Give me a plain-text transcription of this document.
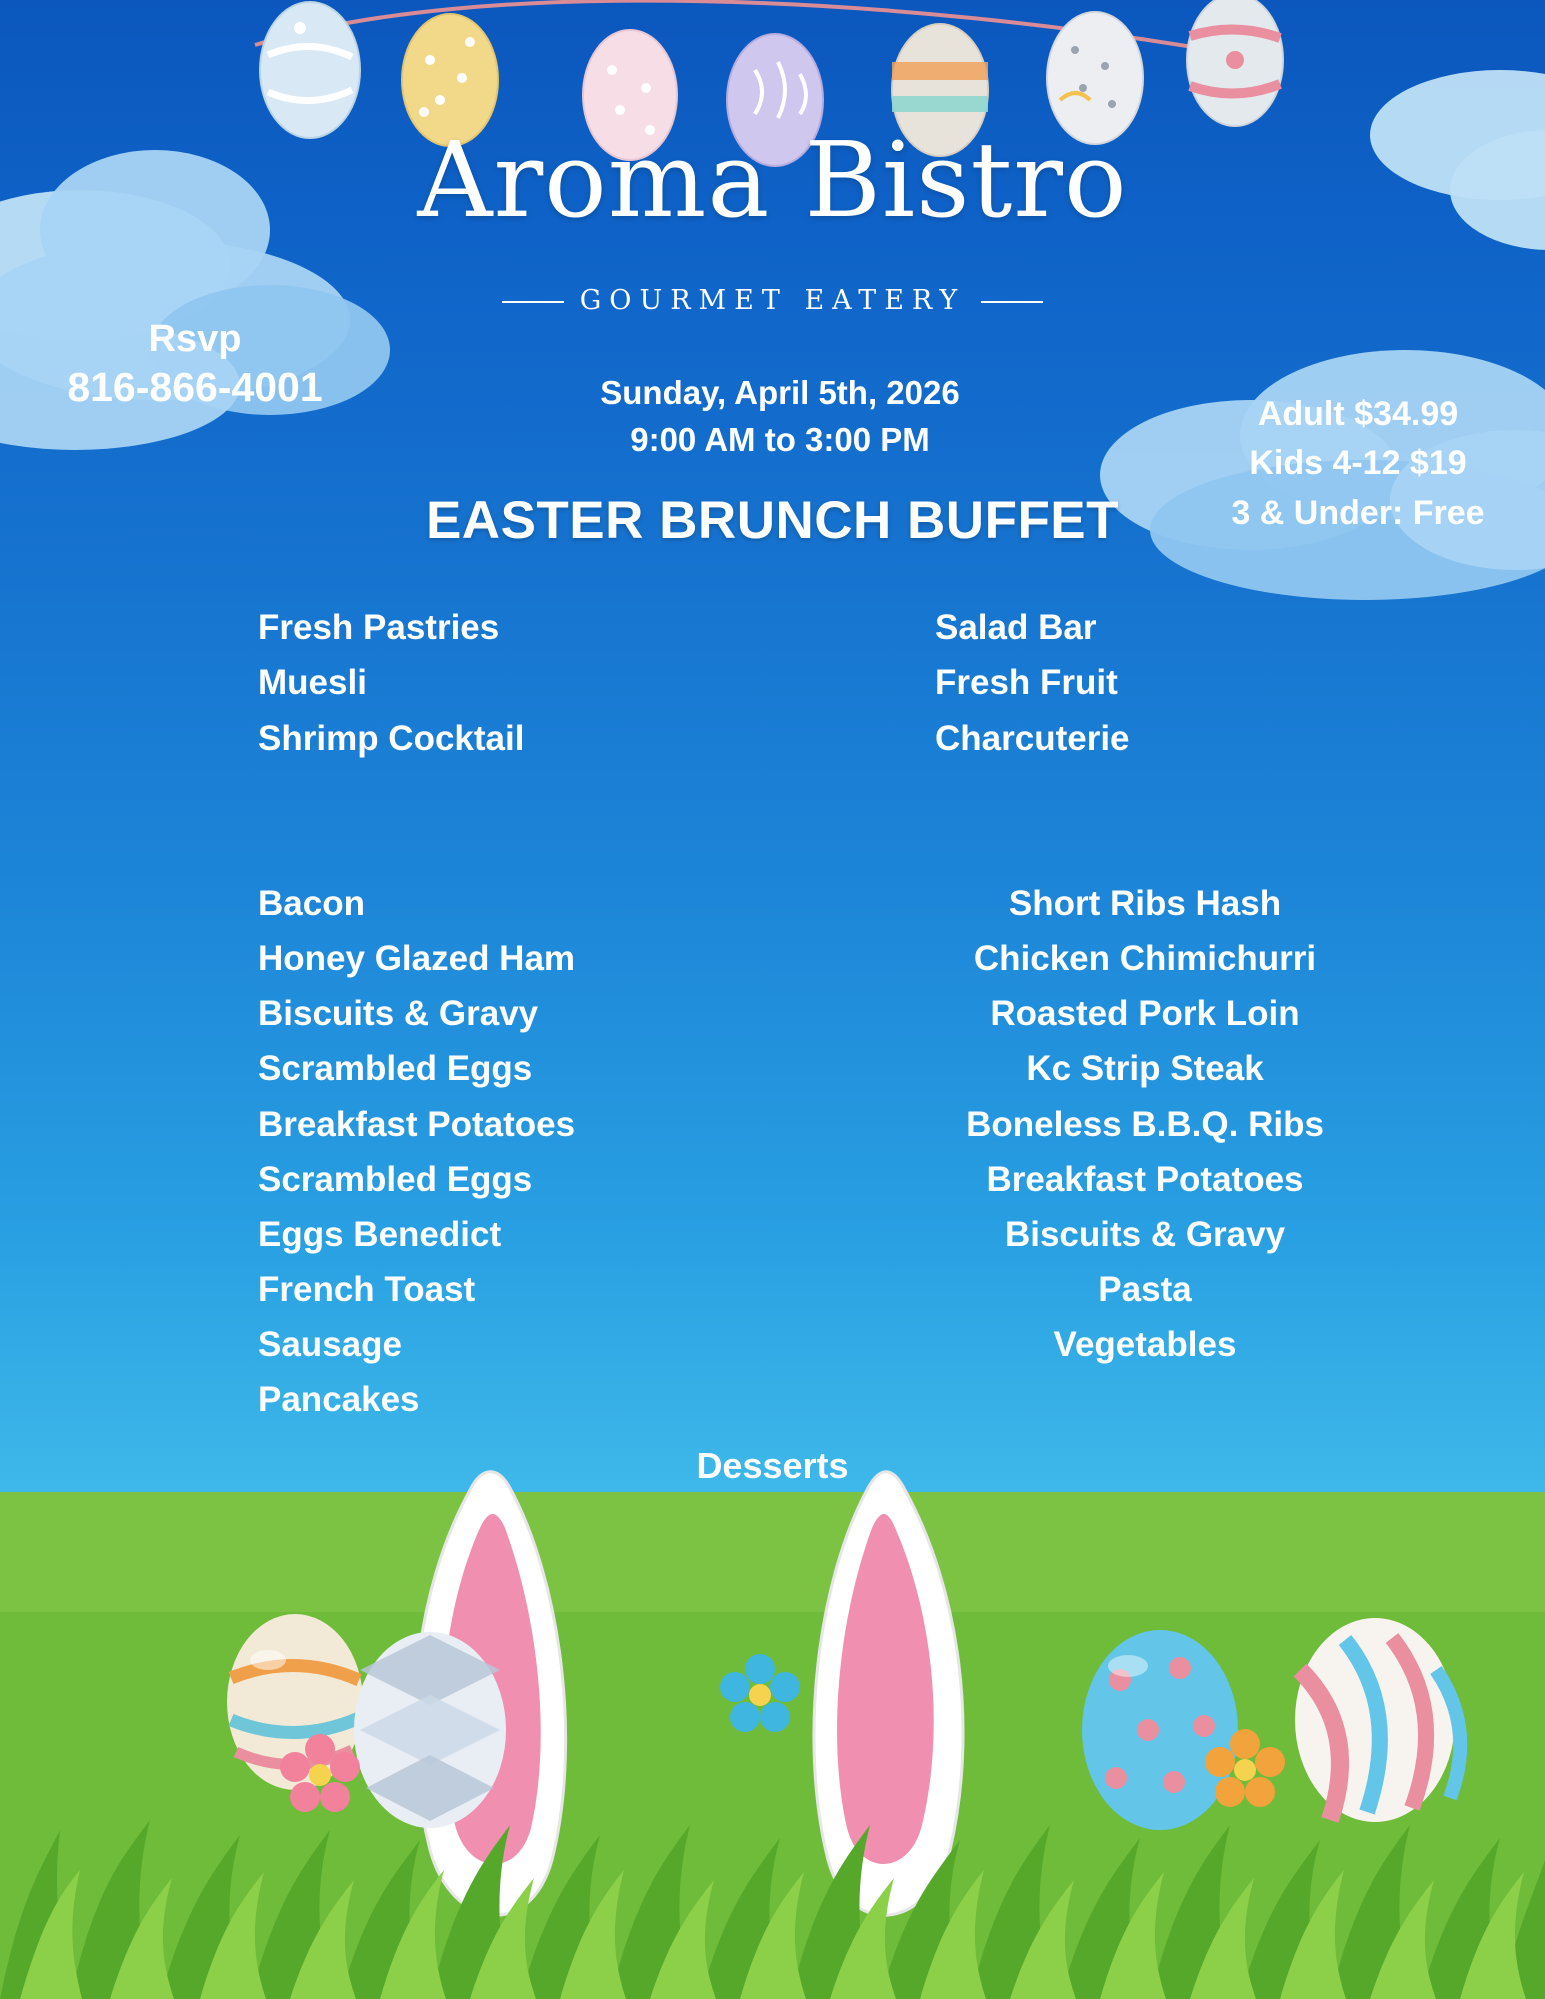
Aroma Bistro
GOURMET EATERY
Rsvp
816-866-4001	Sunday, April 5th, 2026
9:00 AM to 3:00 PM
Adult $34.99
Kids 4-12 $19
3 & Under: Free
EASTER BRUNCH BUFFET
Fresh Pastries
Muesli
Shrimp Cocktail
Salad Bar
Fresh Fruit
Charcuterie
Bacon
Honey Glazed Ham
Biscuits & Gravy
Scrambled Eggs
Breakfast Potatoes
Scrambled Eggs
Eggs Benedict
French Toast
Sausage
Pancakes
Short Ribs Hash
Chicken Chimichurri
Roasted Pork Loin
Kc Strip Steak
Boneless B.B.Q. Ribs
Breakfast Potatoes
Biscuits & Gravy
Pasta
Vegetables
Desserts
